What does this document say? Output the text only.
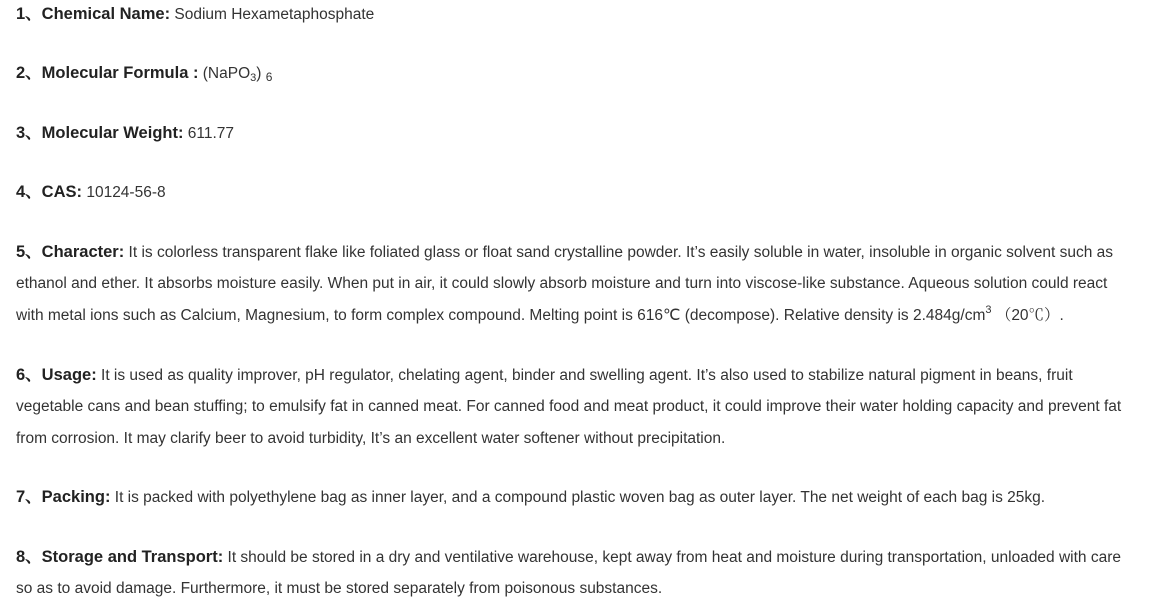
1、Chemical Name: Sodium Hexametaphosphate
2、Molecular Formula : (NaPO$_3$) 6
3、Molecular Weight: 611.77
4、CAS: 10124-56-8
5、Character: It is colorless transparent flake like foliated glass or float sand crystalline powder. It’s easily soluble in water, insoluble in organic solvent such as ethanol and ether. It absorbs moisture easily. When put in air, it could slowly absorb moisture and turn into viscose-like substance. Aqueous solution could react with metal ions such as Calcium, Magnesium, to form complex compound. Melting point is 616℃ (decompose). Relative density is $2.484g/cm^3$ （20℃）.
6、Usage: It is used as quality improver, pH regulator, chelating agent, binder and swelling agent. It’s also used to stabilize natural pigment in beans, fruit vegetable cans and bean stuffing; to emulsify fat in canned meat. For canned food and meat product, it could improve their water holding capacity and prevent fat from corrosion. It may clarify beer to avoid turbidity, It’s an excellent water softener without precipitation.
7、Packing: It is packed with polyethylene bag as inner layer, and a compound plastic woven bag as outer layer. The net weight of each bag is 25kg.
8、Storage and Transport: It should be stored in a dry and ventilative warehouse, kept away from heat and moisture during transportation, unloaded with care so as to avoid damage. Furthermore, it must be stored separately from poisonous substances.
